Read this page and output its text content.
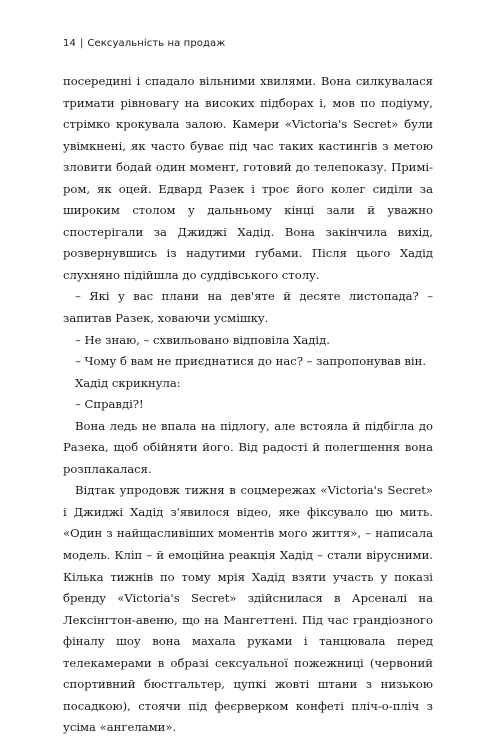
14 | Сексуальність на продаж

посередині і спадало вільними хвилями. Вона силкувалася тримати рівновагу на високих підборах і, мов по подіуму, стрімко крокувала залою. Камери «Victoria's Secret» були увімкнені, як часто буває під час таких кастингів з метою зловити бодай один момент, готовий до телепоказу. Приміром, як оцей. Едвард Разек і троє його колег сиділи за широким столом у дальньому кінці зали й уважно спостерігали за Джиджі Хадід. Вона закінчила вихід, розвернувшись із надутими губами. Після цього Хадід слухняно підійшла до суддівського столу.

– Які у вас плани на дев'яте й десяте листопада? – запитав Разек, ховаючи усмішку.

– Не знаю, – схвильовано відповіла Хадід.

– Чому б вам не приєднатися до нас? – запропонував він.

Хадід скрикнула:

– Справді?!

Вона ледь не впала на підлогу, але встояла й підбігла до Разека, щоб обійняти його. Від радості й полегшення вона розплакалася.

Відтак упродовж тижня в соцмережах «Victoria's Secret» і Джиджі Хадід з'явилося відео, яке фіксувало цю мить. «Один з найщасливіших моментів мого життя», – написала модель. Кліп – й емоційна реакція Хадід – стали вірусними. Кілька тижнів по тому мрія Хадід взяти участь у показі бренду «Victoria's Secret» здійснилася в Арсеналі на Лексінгтон-авеню, що на Мангеттені. Під час грандіозного фіналу шоу вона махала руками і танцювала перед телекамерами в образі сексуальної пожежниці (червоний спортивний бюстгальтер, цупкі жовті штани з низькою посадкою), стоячи під феєрверком конфеті пліч-о-пліч з усіма «ангелами».
